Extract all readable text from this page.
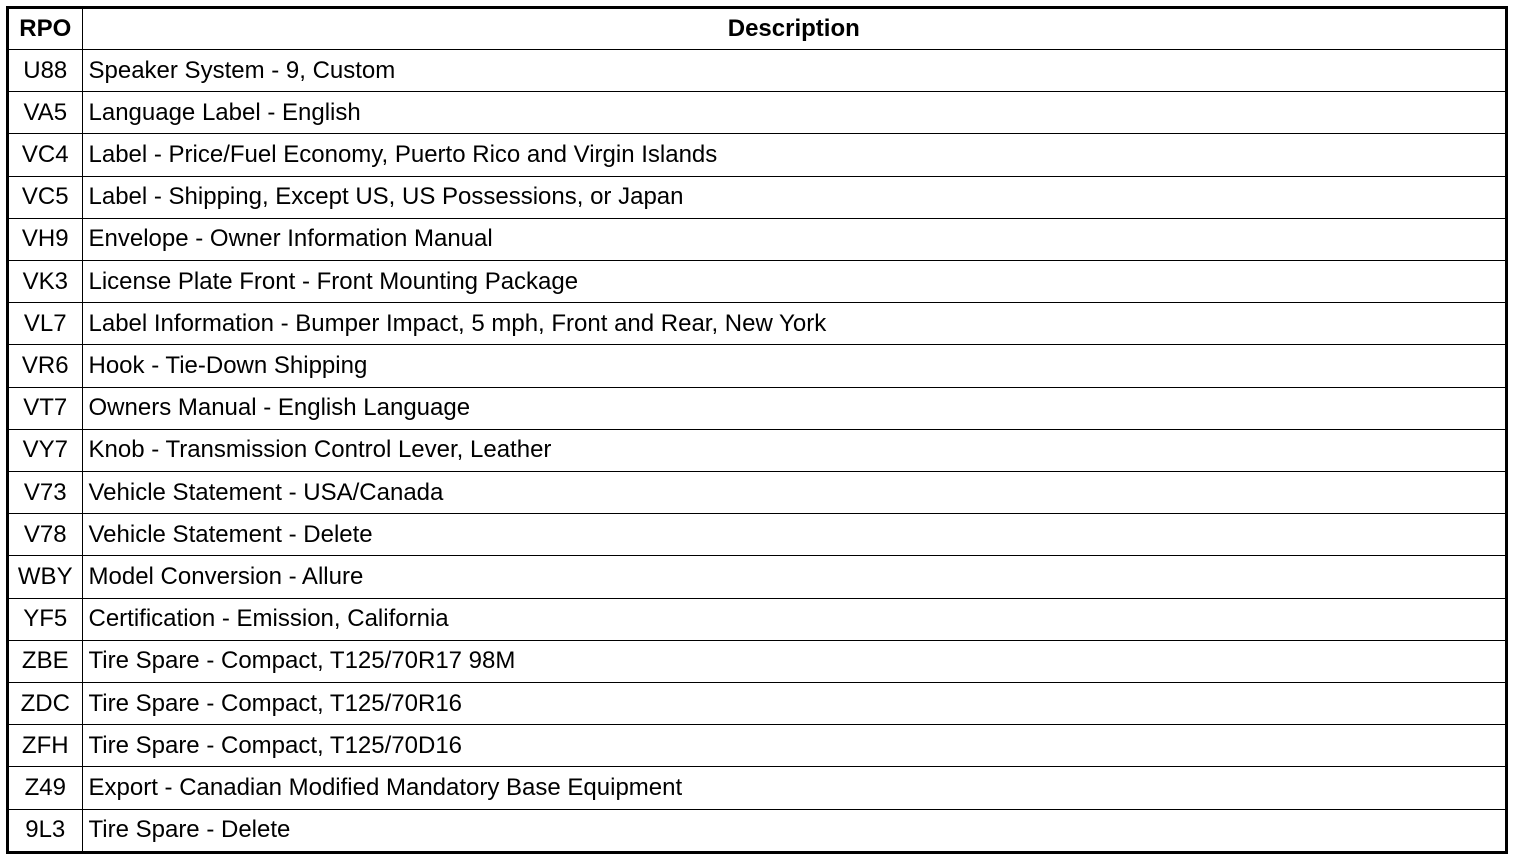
RPO	Description
U88	Speaker System - 9, Custom
VA5	Language Label - English
VC4	Label - Price/Fuel Economy, Puerto Rico and Virgin Islands
VC5	Label - Shipping, Except US, US Possessions, or Japan
VH9	Envelope - Owner Information Manual
VK3	License Plate Front - Front Mounting Package
VL7	Label Information - Bumper Impact, 5 mph, Front and Rear, New York
VR6	Hook - Tie-Down Shipping
VT7	Owners Manual - English Language
VY7	Knob - Transmission Control Lever, Leather
V73	Vehicle Statement - USA/Canada
V78	Vehicle Statement - Delete
WBY	Model Conversion - Allure
YF5	Certification - Emission, California
ZBE	Tire Spare - Compact, T125/70R17 98M
ZDC	Tire Spare - Compact, T125/70R16
ZFH	Tire Spare - Compact, T125/70D16
Z49	Export - Canadian Modified Mandatory Base Equipment
9L3	Tire Spare - Delete
